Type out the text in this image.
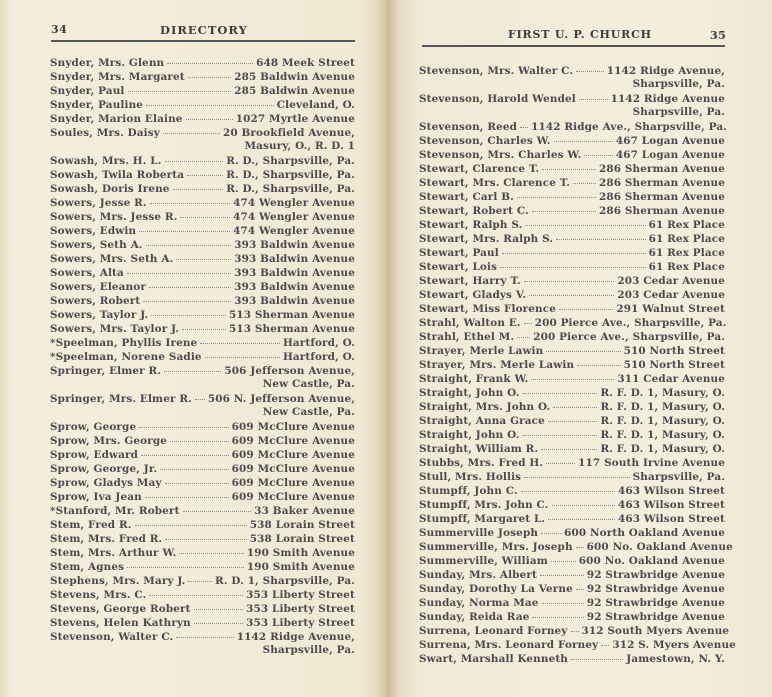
34	DIRECTORY	FIRST U. P. CHURCH	35
Snyder, Mrs. Glenn	648 Meek Street
Snyder, Mrs. Margaret	285 Baldwin Avenue
Snyder, Paul	285 Baldwin Avenue
Snyder, Pauline	Cleveland, O.
Snyder, Marion Elaine	1027 Myrtle Avenue
Soules, Mrs. Daisy	20 Brookfield Avenue,
Masury, O., R. D. 1
Sowash, Mrs. H. L.	R. D., Sharpsville, Pa.
Sowash, Twila Roberta	R. D., Sharpsville, Pa.
Sowash, Doris Irene	R. D., Sharpsville, Pa.
Sowers, Jesse R.	474 Wengler Avenue
Sowers, Mrs. Jesse R.	474 Wengler Avenue
Sowers, Edwin	474 Wengler Avenue
Sowers, Seth A.	393 Baldwin Avenue
Sowers, Mrs. Seth A.	393 Baldwin Avenue
Sowers, Alta	393 Baldwin Avenue
Sowers, Eleanor	393 Baldwin Avenue
Sowers, Robert	393 Baldwin Avenue
Sowers, Taylor J.	513 Sherman Avenue
Sowers, Mrs. Taylor J.	513 Sherman Avenue
*Speelman, Phyllis Irene	Hartford, O.
*Speelman, Norene Sadie	Hartford, O.
Springer, Elmer R.	506 Jefferson Avenue,
New Castle, Pa.
Springer, Mrs. Elmer R. 506 N. Jefferson Avenue,
New Castle, Pa.
Sprow, George	609 McClure Avenue
Sprow, Mrs. George	609 McClure Avenue
Sprow, Edward	609 McClure Avenue
Sprow, George, Jr.	609 McClure Avenue
Sprow, Gladys May	609 McClure Avenue
Sprow, Iva Jean	609 McClure Avenue
*Stanford, Mr. Robert	33 Baker Avenue
Stem, Fred R.	538 Lorain Street
Stem, Mrs. Fred R.	538 Lorain Street
Stem, Mrs. Arthur W.	190 Smith Avenue
Stem, Agnes	190 Smith Avenue
Stephens, Mrs. Mary J.	R. D. 1, Sharpsville, Pa.
Stevens, Mrs. C.	353 Liberty Street
Stevens, George Robert	353 Liberty Street
Stevens, Helen Kathryn	353 Liberty Street
Stevenson, Walter C.	1142 Ridge Avenue,
Sharpsville, Pa.
Stevenson, Mrs. Walter C.	1142 Ridge Avenue,
Sharpsville, Pa.
Stevenson, Harold Wendel	1142 Ridge Avenue
Sharpsville, Pa.
Stevenson, Reed 1142 Ridge Ave., Sharpsville, Pa.
Stevenson, Charles W.	467 Logan Avenue
Stevenson, Mrs. Charles W.	467 Logan Avenue
Stewart, Clarence T.	286 Sherman Avenue
Stewart, Mrs. Clarence T.	286 Sherman Avenue
Stewart, Carl B.	286 Sherman Avenue
Stewart, Robert C.	286 Sherman Avenue
Stewart, Ralph S.	61 Rex Place
Stewart, Mrs. Ralph S.	61 Rex Place
Stewart, Paul	61 Rex Place
Stewart, Lois	61 Rex Place
Stewart, Harry T.	203 Cedar Avenue
Stewart, Gladys V.	203 Cedar Avenue
Stewart, Miss Florence	291 Walnut Street
Strahl, Walton E. 200 Pierce Ave., Sharpsville, Pa.
Strahl, Ethel M. 200 Pierce Ave., Sharpsville, Pa.
Strayer, Merle Lawin	510 North Street
Strayer, Mrs. Merle Lawin	510 North Street
Straight, Frank W.	311 Cedar Avenue
Straight, John O.	R. F. D. 1, Masury, O.
Straight, Mrs. John O.	R. F. D. 1, Masury, O.
Straight, Anna Grace	R. F. D. 1, Masury, O.
Straight, John O.	R. F. D. 1, Masury, O.
Straight, William R.	R. F. D. 1, Masury, O.
Stubbs, Mrs. Fred H.	117 South Irvine Avenue
Stull, Mrs. Hollis	Sharpsville, Pa.
Stumpff, John C.	463 Wilson Street
Stumpff, Mrs. John C.	463 Wilson Street
Stumpff, Margaret L.	463 Wilson Street
Summerville Joseph	600 North Oakland Avenue
Summerville, Mrs. Joseph 600 No. Oakland Avenue
Summerville, William	600 No. Oakland Avenue
Sunday, Mrs. Albert	92 Strawbridge Avenue
Sunday, Dorothy La Verne 92 Strawbridge Avenue
Sunday, Norma Mae	92 Strawbridge Avenue
Sunday, Reida Rae	92 Strawbridge Avenue
Surrena, Leonard Forney 312 South Myers Avenue
Surrena, Mrs. Leonard Forney 312 S. Myers Avenue
Swart, Marshall Kenneth	Jamestown, N. Y.
